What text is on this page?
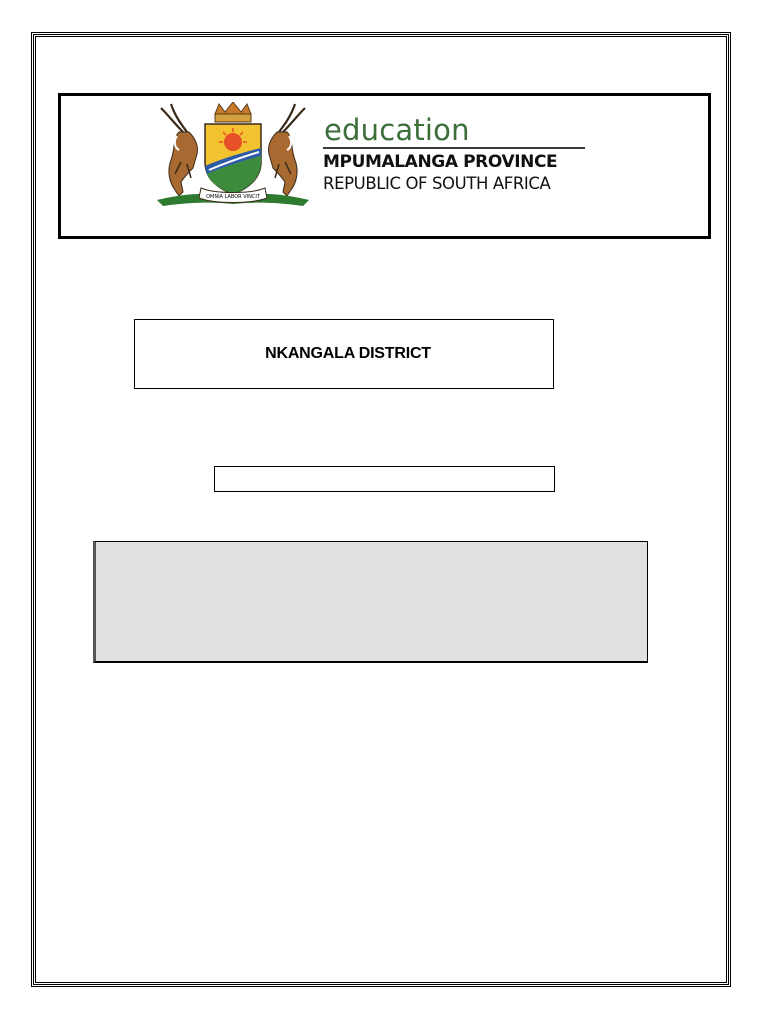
OMNIA LABOR VINCIT
education
MPUMALANGA PROVINCE
REPUBLIC OF SOUTH AFRICA
NKANGALA DISTRICT
